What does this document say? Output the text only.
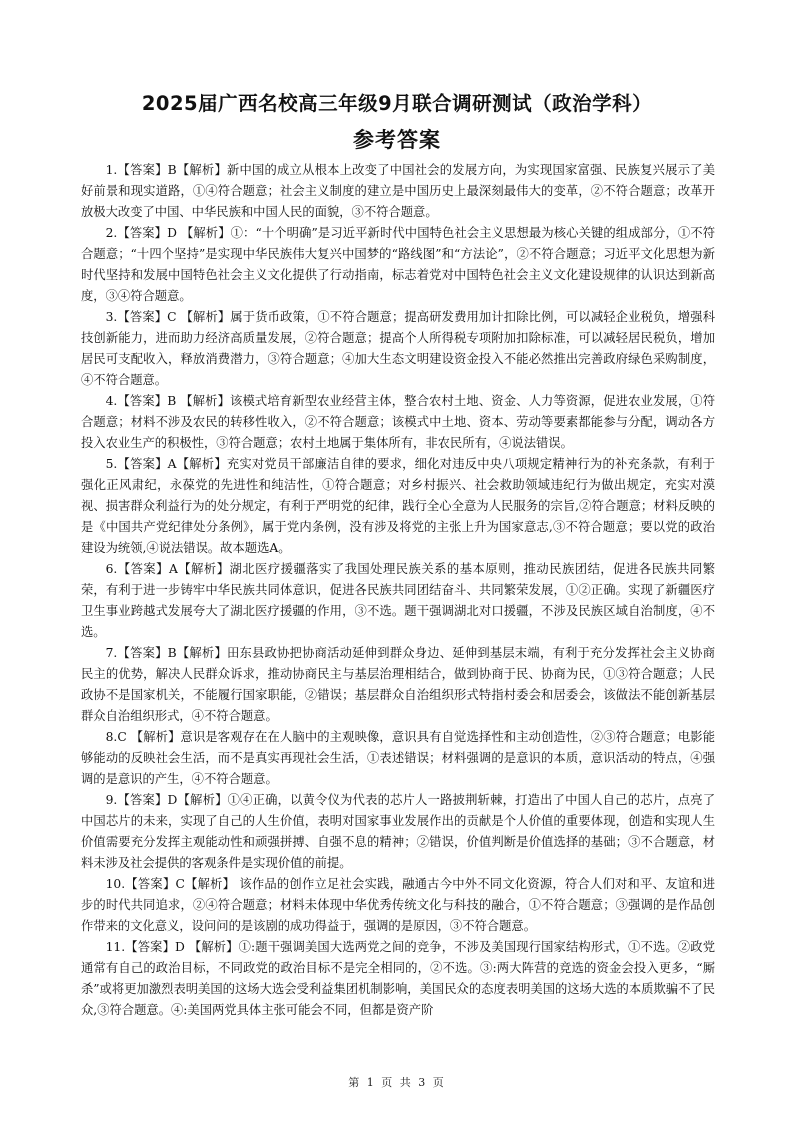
2025届广西名校高三年级9月联合调研测试（政治学科）
参考答案

1.【答案】B【解析】新中国的成立从根本上改变了中国社会的发展方向，为实现国家富强、民族复兴展示了美好前景和现实道路，①④符合题意；社会主义制度的建立是中国历史上最深刻最伟大的变革，②不符合题意；改革开放极大改变了中国、中华民族和中国人民的面貌，③不符合题意。

2.【答案】D 【解析】①：“十个明确”是习近平新时代中国特色社会主义思想最为核心关键的组成部分，①不符合题意；“十四个坚持”是实现中华民族伟大复兴中国梦的“路线图”和“方法论”，②不符合题意；习近平文化思想为新时代坚持和发展中国特色社会主义文化提供了行动指南，标志着党对中国特色社会主义文化建设规律的认识达到新高度，③④符合题意。

3.【答案】C 【解析】属于货币政策，①不符合题意；提高研发费用加计扣除比例，可以减轻企业税负，增强科技创新能力，进而助力经济高质量发展，②符合题意；提高个人所得税专项附加扣除标准，可以减轻居民税负，增加居民可支配收入，释放消费潜力，③符合题意；④加大生态文明建设资金投入不能必然推出完善政府绿色采购制度，④不符合题意。

4.【答案】B 【解析】该模式培育新型农业经营主体，整合农村土地、资金、人力等资源，促进农业发展，①符合题意；材料不涉及农民的转移性收入，②不符合题意；该模式中土地、资本、劳动等要素都能参与分配，调动各方投入农业生产的积极性，③符合题意；农村土地属于集体所有，非农民所有，④说法错误。

5.【答案】A【解析】充实对党员干部廉洁自律的要求，细化对违反中央八项规定精神行为的补充条款，有利于强化正风肃纪，永葆党的先进性和纯洁性，①符合题意；对乡村振兴、社会救助领域违纪行为做出规定，充实对漠视、损害群众利益行为的处分规定，有利于严明党的纪律，践行全心全意为人民服务的宗旨,②符合题意；材料反映的是《中国共产党纪律处分条例》，属于党内条例，没有涉及将党的主张上升为国家意志,③不符合题意；要以党的政治建设为统领,④说法错误。故本题选A。

6.【答案】A【解析】湖北医疗援疆落实了我国处理民族关系的基本原则，推动民族团结，促进各民族共同繁荣，有利于进一步铸牢中华民族共同体意识，促进各民族共同团结奋斗、共同繁荣发展，①②正确。实现了新疆医疗卫生事业跨越式发展夸大了湖北医疗援疆的作用，③不选。题干强调湖北对口援疆，不涉及民族区域自治制度，④不选。

7.【答案】B【解析】田东县政协把协商活动延伸到群众身边、延伸到基层末端，有利于充分发挥社会主义协商民主的优势，解决人民群众诉求，推动协商民主与基层治理相结合，做到协商于民、协商为民，①③符合题意；人民政协不是国家机关，不能履行国家职能，②错误；基层群众自治组织形式特指村委会和居委会，该做法不能创新基层群众自治组织形式，④不符合题意。

8.C 【解析】意识是客观存在在人脑中的主观映像，意识具有自觉选择性和主动创造性，②③符合题意；电影能够能动的反映社会生活，而不是真实再现社会生活，①表述错误；材料强调的是意识的本质，意识活动的特点，④强调的是意识的产生，④不符合题意。

9.【答案】D【解析】①④正确，以黄令仪为代表的芯片人一路披荆斩棘，打造出了中国人自己的芯片，点亮了中国芯片的未来，实现了自己的人生价值，表明对国家事业发展作出的贡献是个人价值的重要体现，创造和实现人生价值需要充分发挥主观能动性和顽强拼搏、自强不息的精神；②错误，价值判断是价值选择的基础；③不合题意，材料未涉及社会提供的客观条件是实现价值的前提。

10.【答案】C【解析】 该作品的创作立足社会实践，融通古今中外不同文化资源，符合人们对和平、友谊和进步的时代共同追求，②④符合题意；材料未体现中华优秀传统文化与科技的融合，①不符合题意；③强调的是作品创作带来的文化意义，设问问的是该剧的成功得益于，强调的是原因，③不符合题意。

11.【答案】D 【解析】①:题干强调美国大选两党之间的竞争，不涉及美国现行国家结构形式，①不选。②政党通常有自己的政治目标，不同政党的政治目标不是完全相同的，②不选。③:两大阵营的竞选的资金会投入更多，“厮杀”或将更加激烈表明美国的这场大选会受利益集团机制影响，美国民众的态度表明美国的这场大选的本质欺骗不了民众,③符合题意。④:美国两党具体主张可能会不同，但都是资产阶

第 1 页 共 3 页
